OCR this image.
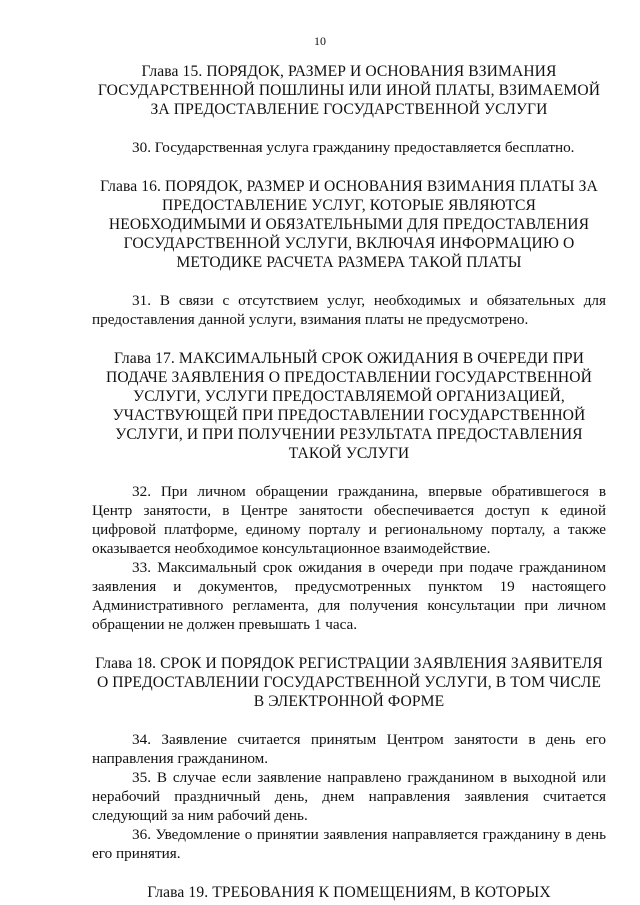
10
Глава 15. ПОРЯДОК, РАЗМЕР И ОСНОВАНИЯ ВЗИМАНИЯ ГОСУДАРСТВЕННОЙ ПОШЛИНЫ ИЛИ ИНОЙ ПЛАТЫ, ВЗИМАЕМОЙ ЗА ПРЕДОСТАВЛЕНИЕ ГОСУДАРСТВЕННОЙ УСЛУГИ

30. Государственная услуга гражданину предоставляется бесплатно.

Глава 16. ПОРЯДОК, РАЗМЕР И ОСНОВАНИЯ ВЗИМАНИЯ ПЛАТЫ ЗА ПРЕДОСТАВЛЕНИЕ УСЛУГ, КОТОРЫЕ ЯВЛЯЮТСЯ НЕОБХОДИМЫМИ И ОБЯЗАТЕЛЬНЫМИ ДЛЯ ПРЕДОСТАВЛЕНИЯ ГОСУДАРСТВЕННОЙ УСЛУГИ, ВКЛЮЧАЯ ИНФОРМАЦИЮ О МЕТОДИКЕ РАСЧЕТА РАЗМЕРА ТАКОЙ ПЛАТЫ

31. В связи с отсутствием услуг, необходимых и обязательных для предоставления данной услуги, взимания платы не предусмотрено.

Глава 17. МАКСИМАЛЬНЫЙ СРОК ОЖИДАНИЯ В ОЧЕРЕДИ ПРИ ПОДАЧЕ ЗАЯВЛЕНИЯ О ПРЕДОСТАВЛЕНИИ ГОСУДАРСТВЕННОЙ УСЛУГИ, УСЛУГИ ПРЕДОСТАВЛЯЕМОЙ ОРГАНИЗАЦИЕЙ, УЧАСТВУЮЩЕЙ ПРИ ПРЕДОСТАВЛЕНИИ ГОСУДАРСТВЕННОЙ УСЛУГИ, И ПРИ ПОЛУЧЕНИИ РЕЗУЛЬТАТА ПРЕДОСТАВЛЕНИЯ ТАКОЙ УСЛУГИ

32. При личном обращении гражданина, впервые обратившегося в Центр занятости, в Центре занятости обеспечивается доступ к единой цифровой платформе, единому порталу и региональному порталу, а также оказывается необходимое консультационное взаимодействие.

33. Максимальный срок ожидания в очереди при подаче гражданином заявления и документов, предусмотренных пунктом 19 настоящего Административного регламента, для получения консультации при личном обращении не должен превышать 1 часа.

Глава 18. СРОК И ПОРЯДОК РЕГИСТРАЦИИ ЗАЯВЛЕНИЯ ЗАЯВИТЕЛЯ О ПРЕДОСТАВЛЕНИИ ГОСУДАРСТВЕННОЙ УСЛУГИ, В ТОМ ЧИСЛЕ В ЭЛЕКТРОННОЙ ФОРМЕ

34. Заявление считается принятым Центром занятости в день его направления гражданином.

35. В случае если заявление направлено гражданином в выходной или нерабочий праздничный день, днем направления заявления считается следующий за ним рабочий день.

36. Уведомление о принятии заявления направляется гражданину в день его принятия.

Глава 19. ТРЕБОВАНИЯ К ПОМЕЩЕНИЯМ, В КОТОРЫХ
